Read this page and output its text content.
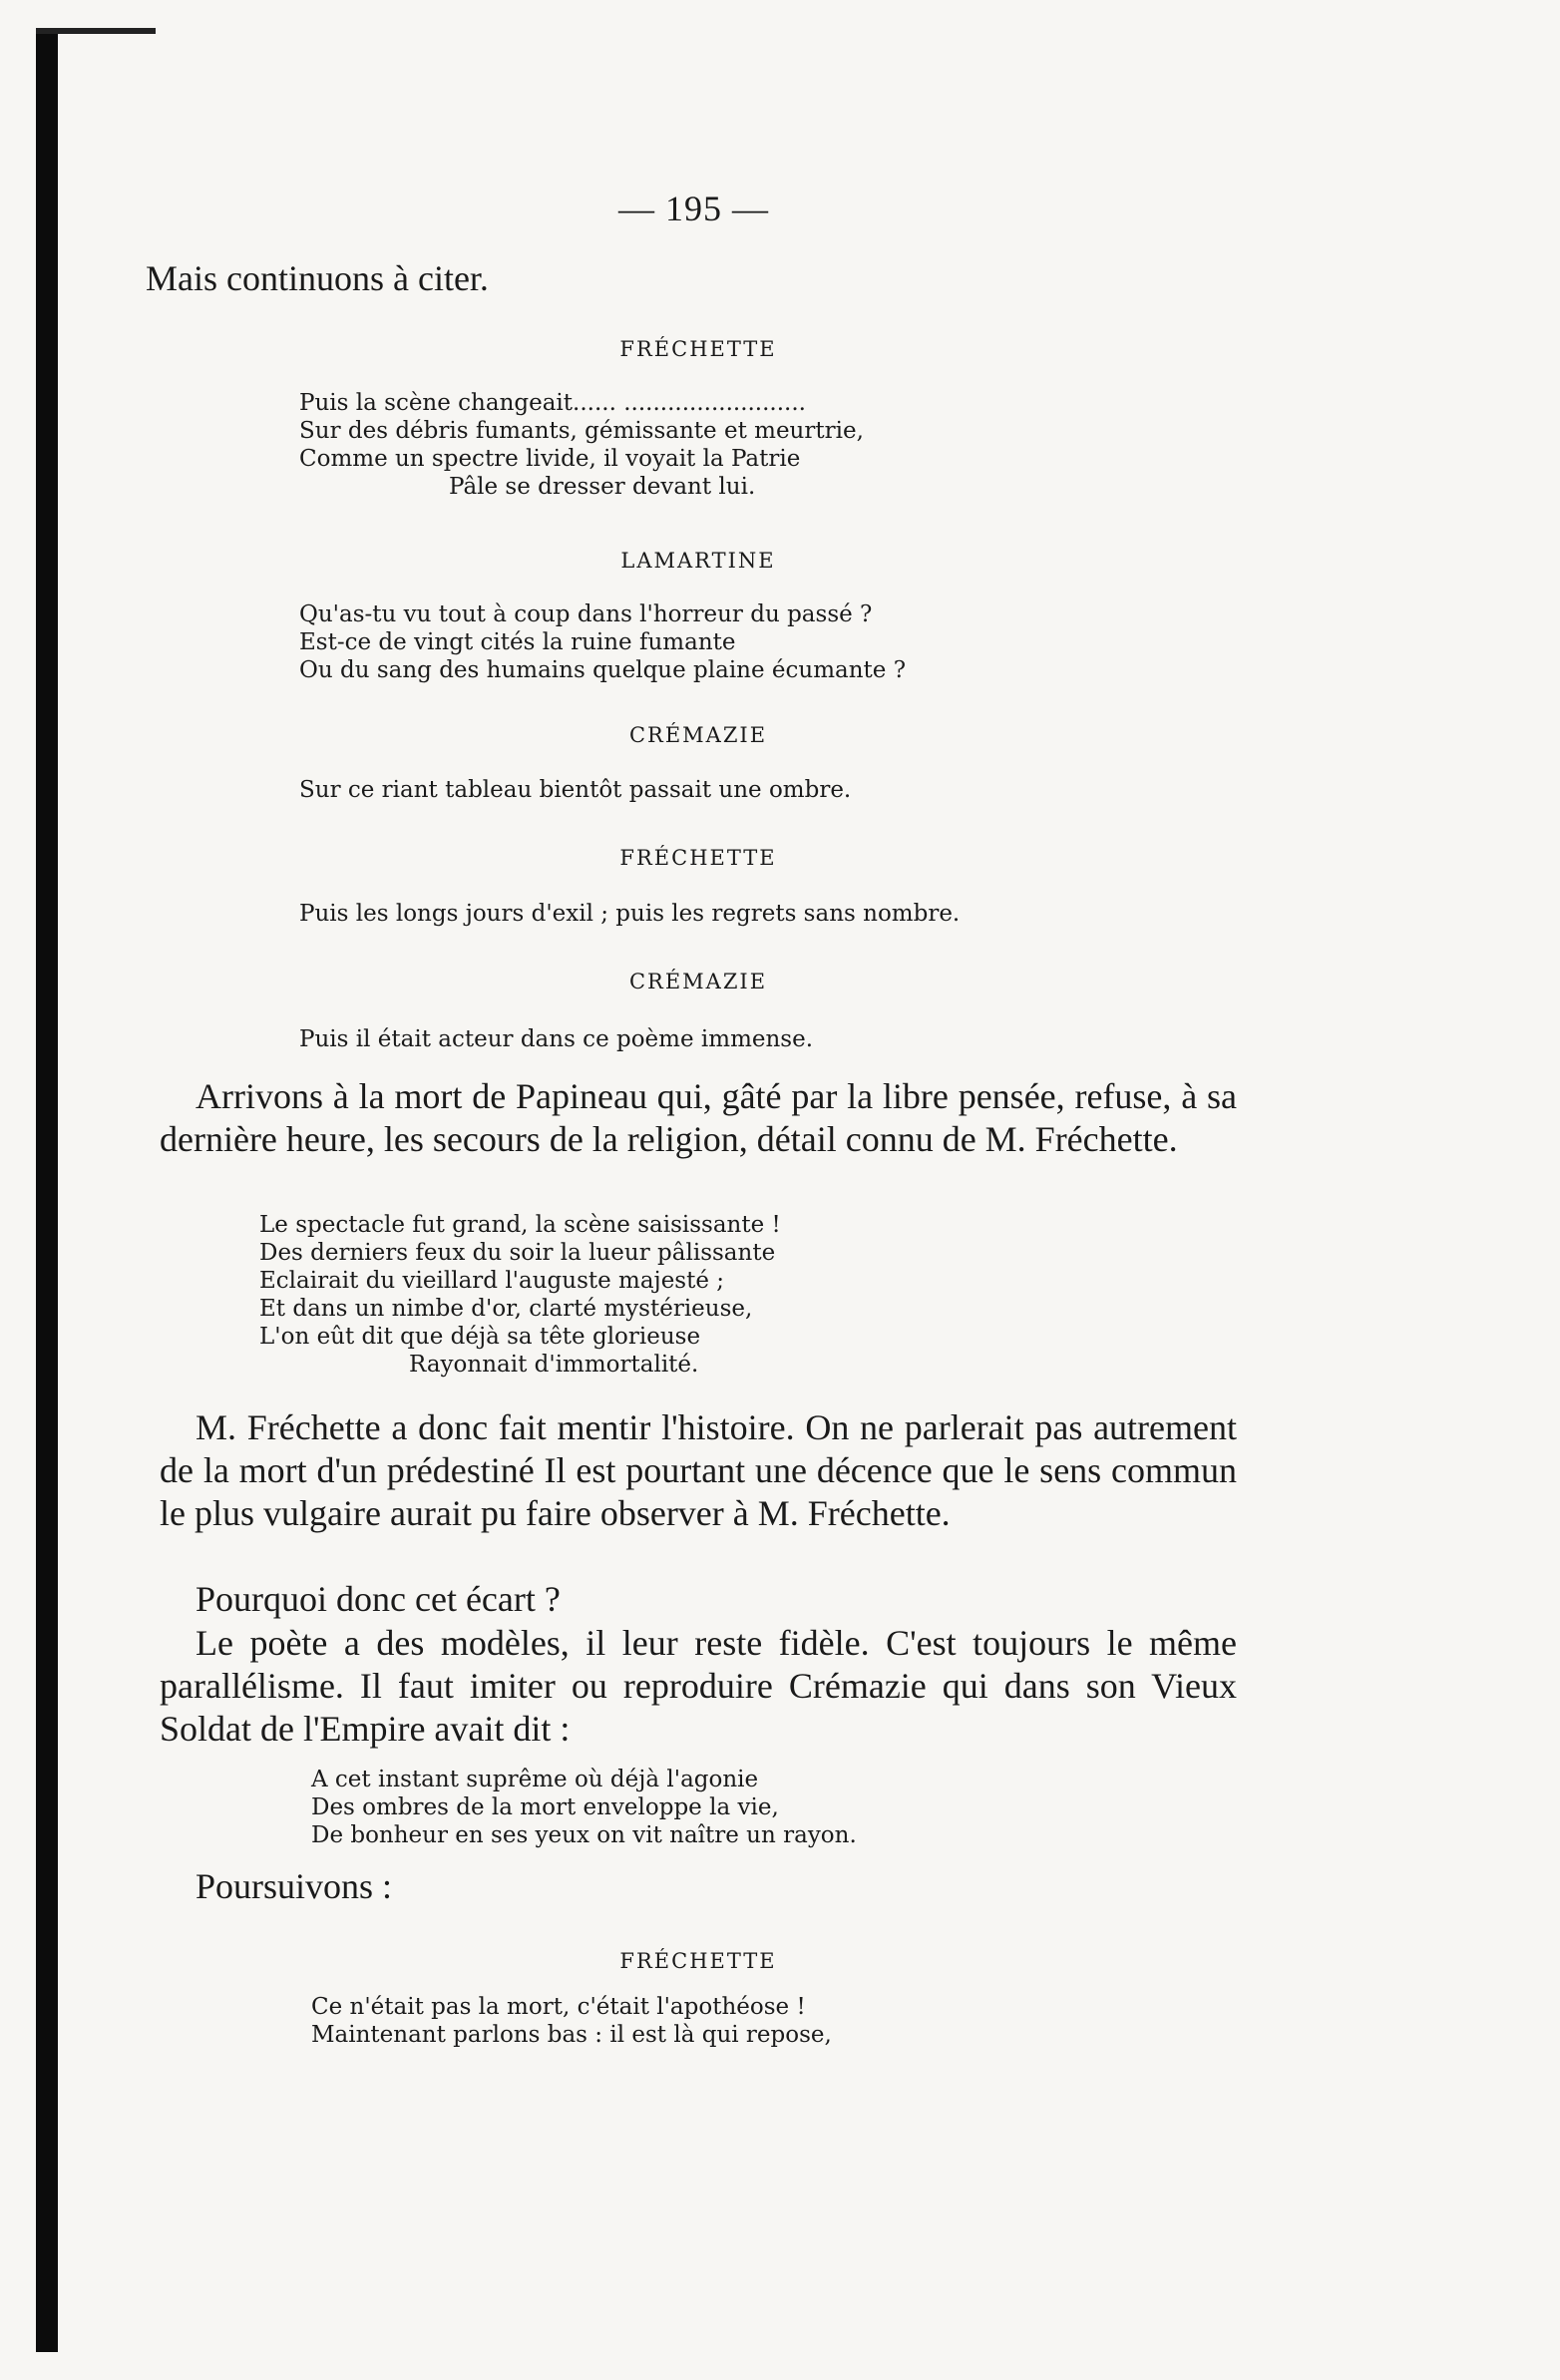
— 195 —

Mais continuons à citer.

FRÉCHETTE
Puis la scène changeait...... .........................
Sur des débris fumants, gémissante et meurtrie,
Comme un spectre livide, il voyait la Patrie
Pâle se dresser devant lui.
LAMARTINE
Qu'as-tu vu tout à coup dans l'horreur du passé ?
Est-ce de vingt cités la ruine fumante
Ou du sang des humains quelque plaine écumante ?
CRÉMAZIE
Sur ce riant tableau bientôt passait une ombre.
FRÉCHETTE
Puis les longs jours d'exil ; puis les regrets sans nombre.
CRÉMAZIE
Puis il était acteur dans ce poème immense.

Arrivons à la mort de Papineau qui, gâté par la libre pensée, refuse, à sa dernière heure, les secours de la religion, détail connu de M. Fréchette.

Le spectacle fut grand, la scène saisissante !
Des derniers feux du soir la lueur pâlissante
Eclairait du vieillard l'auguste majesté ;
Et dans un nimbe d'or, clarté mystérieuse,
L'on eût dit que déjà sa tête glorieuse
Rayonnait d'immortalité.

M. Fréchette a donc fait mentir l'histoire. On ne parlerait pas autrement de la mort d'un prédestiné Il est pourtant une décence que le sens commun le plus vulgaire aurait pu faire observer à M. Fréchette.

Pourquoi donc cet écart ?

Le poète a des modèles, il leur reste fidèle. C'est toujours le même parallélisme. Il faut imiter ou reproduire Crémazie qui dans son Vieux Soldat de l'Empire avait dit :

A cet instant suprême où déjà l'agonie
Des ombres de la mort enveloppe la vie,
De bonheur en ses yeux on vit naître un rayon.

Poursuivons :

FRÉCHETTE
Ce n'était pas la mort, c'était l'apothéose !
Maintenant parlons bas : il est là qui repose,
